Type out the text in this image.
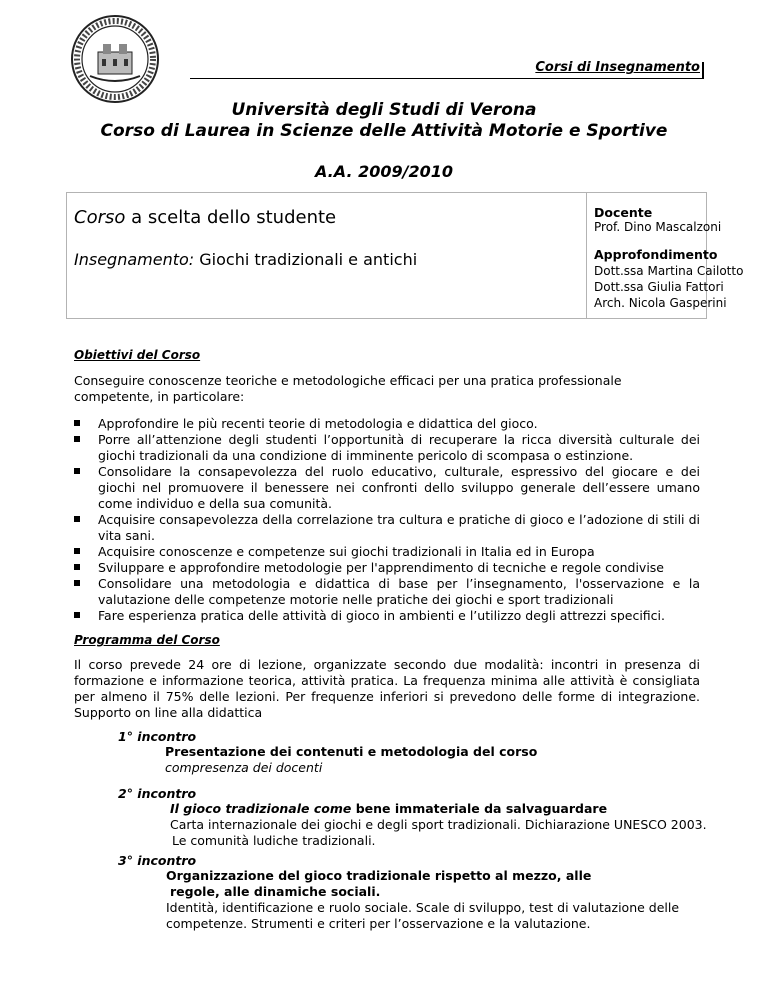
Corsi di Insegnamento
Università degli Studi di Verona
Corso di Laurea in Scienze delle Attività Motorie e Sportive
A.A. 2009/2010
Corso a scelta dello studente
Insegnamento: Giochi tradizionali e antichi
Docente
Prof. Dino Mascalzoni
Approfondimento
Dott.ssa Martina Cailotto
Dott.ssa Giulia Fattori
Arch. Nicola Gasperini
Obiettivi del Corso

Conseguire conoscenze teoriche e metodologiche efficaci per una pratica professionale competente, in particolare:

Approfondire le più recenti teorie di metodologia e didattica del gioco.
Porre all’attenzione degli studenti l’opportunità di recuperare la ricca diversità culturale dei giochi tradizionali da una condizione di imminente pericolo di scompasa o estinzione.
Consolidare la consapevolezza del ruolo educativo, culturale, espressivo del giocare e dei giochi nel promuovere il benessere nei confronti dello sviluppo generale dell’essere umano come individuo e della sua comunità.
Acquisire consapevolezza della correlazione tra cultura e pratiche di gioco e l’adozione di stili di vita sani.
Acquisire conoscenze e competenze sui giochi tradizionali in Italia ed in Europa
Sviluppare e approfondire metodologie per l'apprendimento di tecniche e regole condivise
Consolidare una metodologia e didattica di base per l’insegnamento, l'osservazione e la valutazione delle competenze motorie nelle pratiche dei giochi e sport tradizionali
Fare esperienza pratica delle attività di gioco in ambienti e l’utilizzo degli attrezzi specifici.
Programma del Corso

Il corso prevede 24 ore di lezione, organizzate secondo due modalità: incontri in presenza di formazione e informazione teorica, attività pratica. La frequenza minima alle attività è consigliata per almeno il 75% delle lezioni. Per frequenze inferiori si prevedono delle forme di integrazione. Supporto on line alla didattica

1° incontro
Presentazione dei contenuti e metodologia del corso
compresenza dei docenti
2° incontro
Il gioco tradizionale come bene immateriale da salvaguardare
Carta internazionale dei giochi e degli sport tradizionali. Dichiarazione UNESCO 2003.
Le comunità ludiche tradizionali.
3° incontro
Organizzazione del gioco tradizionale rispetto al mezzo, alle
regole, alle dinamiche sociali.
Identità, identificazione e ruolo sociale. Scale di sviluppo, test di valutazione delle
competenze. Strumenti e criteri per l’osservazione e la valutazione.
